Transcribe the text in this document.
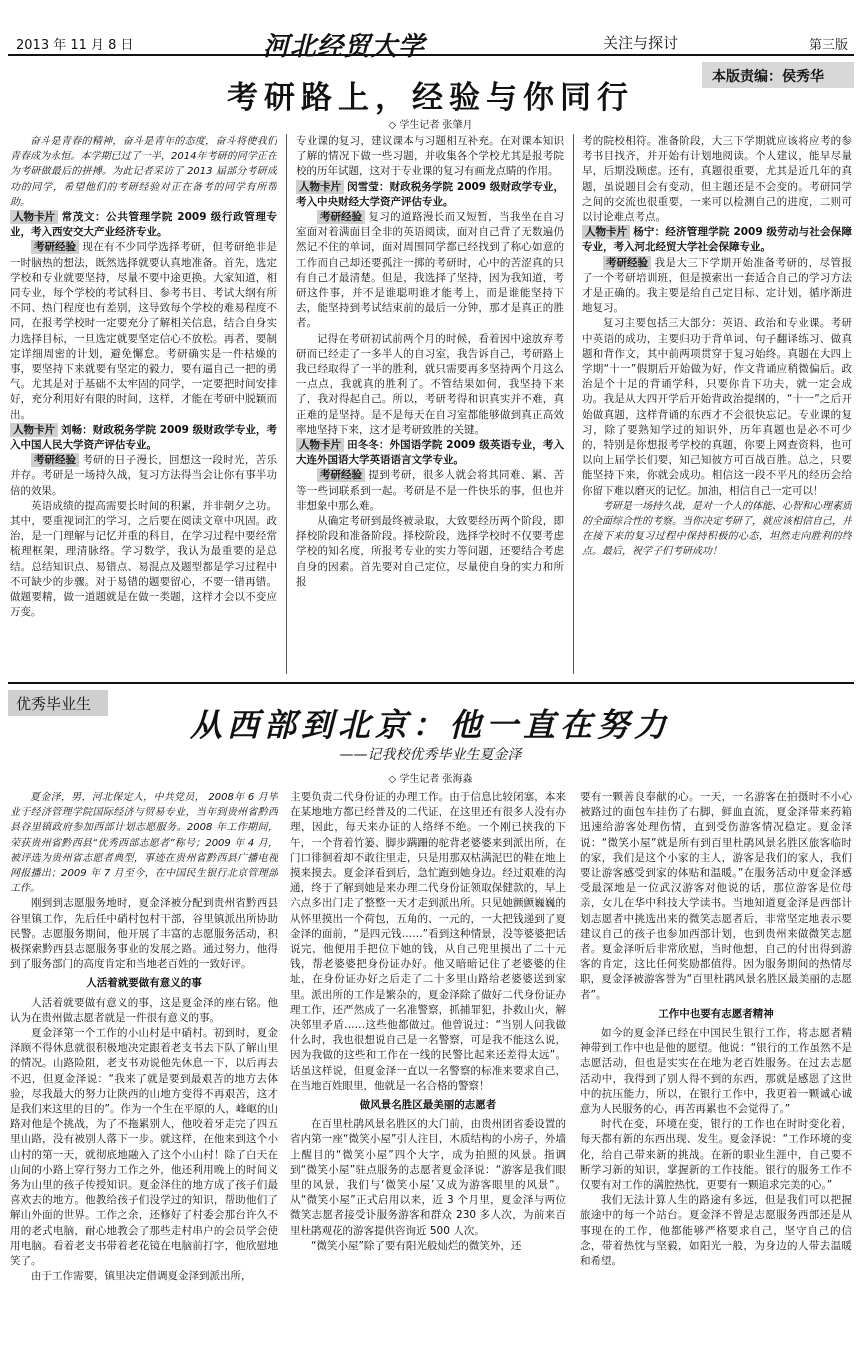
2013 年 11 月 8 日	河北经贸大学	关注与探讨	第三版
本版责编：侯秀华
考研路上，经验与你同行
◇ 学生记者 张肇月

奋斗是青春的精神，奋斗是青年的态度，奋斗将使我们青春成为永恒。本学期已过了一半，2014年考研的同学正在为考研做最后的拼搏。为此记者采访了 2013 届部分考研成功的同学，希望他们的考研经验对正在备考的同学有所帮助。

人物卡片 常茂文：公共管理学院 2009 级行政管理专业，考入西安交大产业经济专业。

考研经验 现在有不少同学选择考研，但考研绝非是一时脑热的想法，既然选择就要认真地准备。首先，选定学校和专业就要坚持，尽量不要中途更换。大家知道，相同专业，每个学校的考试科目、参考书目、考试大纲有所不同、热门程度也有差别，这导致每个学校的难易程度不同，在报考学校时一定要充分了解相关信息，结合自身实力选择目标，一旦选定就要坚定信心不放松。再者，要制定详细周密的计划，避免懈怠。考研确实是一件枯燥的事，要坚持下来就要有坚定的毅力，要有逼自己一把的勇气。尤其是对于基础不太牢固的同学，一定要把时间安排好，充分利用好有限的时间，这样，才能在考研中脱颖而出。

人物卡片 刘畅：财政税务学院 2009 级财政学专业，考入中国人民大学资产评估专业。

考研经验 考研的日子漫长，回想这一段时光，苦乐并存。考研是一场持久战，复习方法得当会让你有事半功倍的效果。

英语成绩的提高需要长时间的积累，并非朝夕之功。其中，要重视词汇的学习，之后要在阅读文章中巩固。政治，是一门理解与记忆并重的科目，在学习过程中要经常梳理框架，理清脉络。学习数学，我认为最重要的是总结。总结知识点、易错点、易混点及题型都是学习过程中不可缺少的步骤。对于易错的题要留心，不要一错再错。做题要精，做一道题就是在做一类题，这样才会以不变应万变。

专业课的复习，建议课本与习题相互补充。在对课本知识了解的情况下做一些习题，并收集各个学校尤其是报考院校的历年试题，这对于专业课的复习有画龙点睛的作用。

人物卡片 闵雪莹：财政税务学院 2009 级财政学专业，考入中央财经大学资产评估专业。

考研经验 复习的道路漫长而又短暂，当我坐在自习室面对着满面目全非的英语阅读，面对自己背了无数遍仍然记不住的单词，面对周围同学都已经找到了称心如意的工作而自己却还要孤注一掷的考研时，心中的苦涩真的只有自己才最清楚。但是，我选择了坚持，因为我知道，考研这件事，并不是谁聪明谁才能考上，而是谁能坚持下去，能坚持到考试结束前的最后一分钟，那才是真正的胜者。

记得在考研初试前两个月的时候，看着因中途放弃考研而已经走了一多半人的自习室，我告诉自己，考研路上我已经取得了一半的胜利，就只需要再多坚持两个月这么一点点，我就真的胜利了。不管结果如何，我坚持下来了，我对得起自己。所以，考研考得和识真实并不难，真正难的是坚持。是不是每天在自习室都能够做到真正高效率地坚持下来，这才是考研致胜的关键。

人物卡片 田冬冬：外国语学院 2009 级英语专业，考入大连外国语大学英语语言文学专业。

考研经验 提到考研，很多人就会将其同难、累、苦等一些词联系到一起。考研是不是一件快乐的事，但也并非想象中那么难。

从确定考研到最终被录取，大致要经历两个阶段，即择校阶段和准备阶段。择校阶段，选择学校时不仅要考虑学校的知名度，所报考专业的实力等问题，还要结合考虑自身的因素。首先要对自己定位，尽量使自身的实力和所报

考的院校相符。准备阶段，大三下学期就应该将应考的参考书目找齐，并开始有计划地阅读。个人建议，能早尽量早，后期没顾虑。还有，真题很重要，尤其是近几年的真题，虽说题目会有变动，但主题还是不会变的。考研同学之间的交流也很重要，一来可以检测自己的进度，二则可以讨论难点考点。

人物卡片 杨宁：经济管理学院 2009 级劳动与社会保障专业，考入河北经贸大学社会保障专业。

考研经验 我是大三下学期开始准备考研的，尽管报了一个考研培训班，但是摸索出一套适合自己的学习方法才是正确的。我主要是给自己定目标、定计划，循序渐进地复习。

复习主要包括三大部分：英语、政治和专业课。考研中英语的成功，主要归功于背单词、句子翻译练习、做真题和背作文，其中前两项贯穿于复习始终。真题在大四上学期“十一”假期后开始做为好，作文背诵应稍微偏后。政治是个十足的背诵学科，只要你肯下功夫，就一定会成功。我是从大四开学后开始背政治提纲的，“十一”之后开始做真题，这样背诵的东西才不会很快忘记。专业课的复习，除了要熟知学过的知识外，历年真题也是必不可少的，特别是你想报考学校的真题，你要上网查资料，也可以向上届学长们要，知己知彼方可百战百胜。总之，只要能坚持下来，你就会成功。相信这一段不平凡的经历会给你留下难以磨灭的记忆。加油，相信自己一定可以！

考研是一场持久战，是对一个人的体能、心智和心理素质的全面综合性的考察。当你决定考研了，就应该相信自己，并在接下来的复习过程中保持积极的心态，坦然走向胜利的终点。最后，祝学子们考研成功！

优秀毕业生
从西部到北京：他一直在努力
——记我校优秀毕业生夏金泽
◇ 学生记者 张海淼

夏金泽，男，河北保定人，中共党员， 2008年 6 月毕业于经济管理学院国际经济与贸易专业，当年到贵州省黔西县谷里镇政府参加西部计划志愿服务。2008 年工作期间，荣获贵州省黔西县“优秀西部志愿者”称号；2009 年 4 月，被评选为贵州省志愿者典型，事迹在贵州省黔西县广播电视网报播出；2009 年 7 月至今，在中国民生银行北京管理部工作。

刚到到志愿服务地时，夏金泽被分配到贵州省黔西县谷里镇工作，先后任中硝村包村干部，谷里镇派出所协助民警。志愿服务期间，他开展了丰富的志愿服务活动，积极探索黔西县志愿服务事业的发展之路。通过努力，他得到了服务部门的高度肯定和当地老百姓的一致好评。

人活着就要做有意义的事

人活着就要做有意义的事，这是夏金泽的座右铭。他认为在贵州做志愿者就是一件很有意义的事。

夏金泽第一个工作的小山村是中硝村。初到时，夏金泽顾不得休息就很积极地决定跟着老支书去下队了解山里的情况。山路险阻，老支书劝说他先休息一下，以后再去不迟，但夏金泽说：“我来了就是要到最艰苦的地方去体验，尽我最大的努力让陕西的山地方变得不再艰苦，这才是我们来这里的目的”。作为一个生在平原的人，峰岖的山路对他是个挑战，为了不拖累别人，他咬着牙走完了四五里山路，没有被别人落下一步。就这样，在他来到这个小山村的第一天，就彻底地融入了这个小山村！除了白天在山间的小路上穿行努力工作之外，他还利用晚上的时间义务为山里的孩子传授知识。夏金泽住的地方成了孩子们最喜欢去的地方。他教给孩子们没学过的知识，帮助他们了解山外面的世界。工作之余，还修好了村委会那台许久不用的老式电脑，耐心地教会了那些走村串户的会员学会使用电脑。看着老支书带着老花镜在电脑前打字，他欣慰地笑了。

由于工作需要，镇里决定借调夏金泽到派出所，

主要负责二代身份证的办理工作。由于信息比较闭塞，本来在某地地方都已经普及的二代证，在这里还有很多人没有办理，因此，每天来办证的人络绎不绝。一个刚已挟我的下午，一个背着竹篓、脚步蹒跚的驼背老婆婆来到派出所，在门口徘徊着却不敢往里走，只是用那双枯满泥巴的鞋在地上摸来摸去。夏金泽看到后，急忙跑到她身边。经过艰难的沟通，终于了解到她是来办理二代身份证领取保健款的，早上六点多出门走了整整一天才走到派出所。只见她颤颤巍巍的从怀里摸出一个荷包，五角的、一元的，一大把钱递到了夏金泽的面前，“是四元钱……”看到这种情景，没等婆婆把话说完，他便用手把位下她的钱，从自己兜里摸出了二十元钱，帮老婆婆把身份证办好。他又暗暗记住了老婆婆的住址，在身份证办好之后走了二十多里山路给老婆婆送到家里。派出所的工作是繁杂的，夏金泽除了做好二代身份证办理工作，还严然成了一名准警察，抓捕罪犯，扑救山火，解决邻里矛盾……这些他都做过。他曾说过：“当别人问我做什么时，我也很想说自己是一名警察，可是我不能这么说，因为我做的这些和工作在一线的民警比起来还差得太远”。话虽这样说，但夏金泽一直以一名警察的标准来要求自己，在当地百姓眼里，他就是一名合格的警察！

做风景名胜区最美丽的志愿者

在百里杜鹃风景名胜区的大门前，由贵州团省委设置的省内第一座“微笑小屋”引人注目，木质结构的小房子，外墙上醒目的“微笑小屋”四个大字，成为拍照的风景。指调到“微笑小屋”驻点服务的志愿者夏金泽说：“游客是我们眼里的风景，我们与‘微笑小屋’又成为游客眼里的风景”。从“微笑小屋”正式启用以来，近 3 个月里，夏金泽与两位微笑志愿者接受讣服务游客和群众 230 多人次，为前来百里杜鹃观花的游客提供咨询近 500 人次。

“微笑小屋”除了要有阳光般灿烂的微笑外，还

要有一颗善良奉献的心。一天，一名游客在拍摄时不小心被路过的面包车挂伤了右脚，鲜血直流，夏金泽带来药箱迅速给游客处理伤情，直到受伤游客情况稳定。夏金泽说：“微笑小屋”就是所有到百里杜鹃风景名胜区旅客临时的家，我们是这个小家的主人，游客是我们的家人，我们要让游客感受到家的体贴和温暖。”在服务活动中夏金泽感受最深地是一位武汉游客对他说的话，那位游客是位母亲，女儿在华中科技大学读书。当地知道夏金泽是西部计划志愿者中挑选出来的微笑志愿者后，非常坚定地表示要建议自己的孩子也参加西部计划，也到贵州来做微笑志愿者。夏金泽听后非常欣慰，当时他想，自己的付出得到游客的肯定，这比任何奖励都值得。因为服务期间的热情尽职，夏金泽被游客誉为“百里杜鹃风景名胜区最美丽的志愿者”。

工作中也要有志愿者精神

如今的夏金泽已经在中国民生银行工作，将志愿者精神带到工作中也是他的愿望。他说：“银行的工作虽然不是志愿活动，但也是实实在在地为老百姓服务。在过去志愿活动中，我得到了别人得不到的东西，那就是感恩了这世中的抗压能力，所以，在银行工作中，我更着一颗诚心诚意为人民服务的心，再苦再累也不会觉得了。”

时代在变，环境在变，银行的工作也在时时变化着，每天都有新的东西出现、发生。夏金泽说：“工作环境的变化，给自己带来新的挑战。在新的职业生涯中，自己要不断学习新的知识，掌握新的工作技能。银行的服务工作不仅要有对工作的满腔热忱，更要有一颗追求完美的心。”

我们无法计算人生的路途有多远，但是我们可以把握旅途中的每一个站台。夏金泽不曾是志愿服务西部还是从事现在的工作，他都能够严格要求自己，坚守自己的信念，带着热忱与坚毅，如阳光一般，为身边的人带去温暖和希望。
